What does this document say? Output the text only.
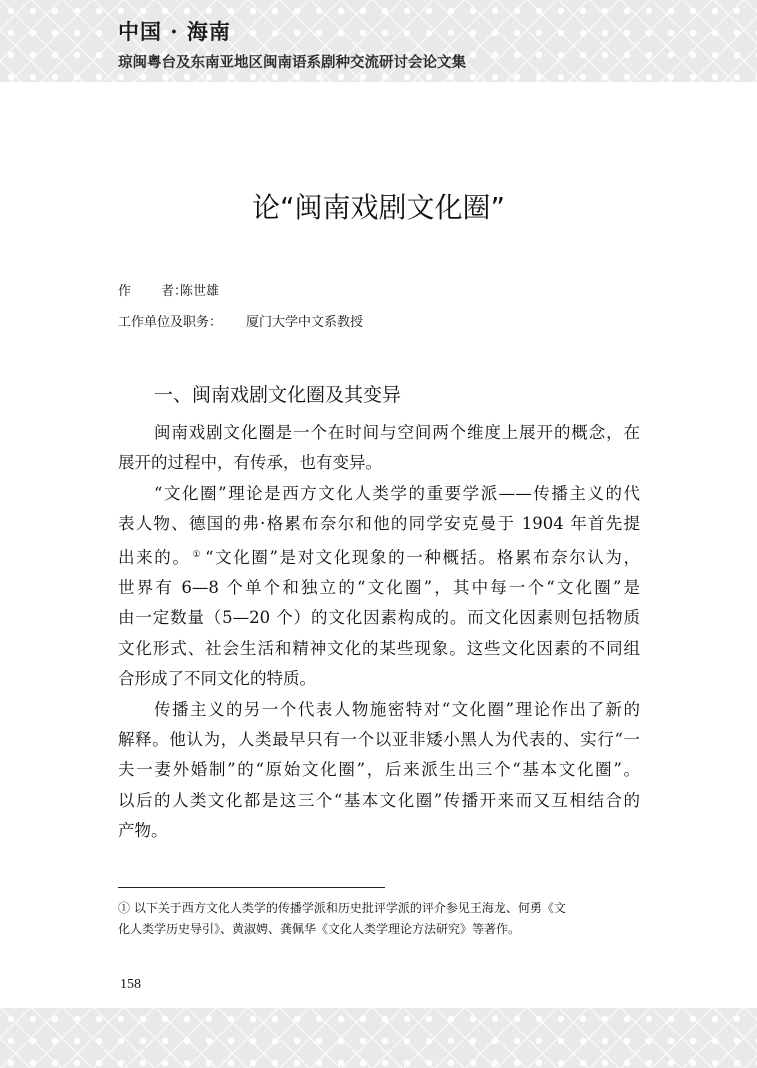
中国 · 海南
琼闽粤台及东南亚地区闽南语系剧种交流研讨会论文集
论“闽南戏剧文化圈”
作 者：陈世雄
工作单位及职务： 厦门大学中文系教授
一、闽南戏剧文化圈及其变异

闽南戏剧文化圈是一个在时间与空间两个维度上展开的概念，在
展开的过程中，有传承，也有变异。

“文化圈”理论是西方文化人类学的重要学派——传播主义的代
表人物、德国的弗·格累布奈尔和他的同学安克曼于 1904 年首先提
出来的。 ① “文化圈”是对文化现象的一种概括。格累布奈尔认为，
世界有 6—8 个单个和独立的“文化圈”，其中每一个“文化圈”是
由一定数量（5—20 个）的文化因素构成的。而文化因素则包括物质
文化形式、社会生活和精神文化的某些现象。这些文化因素的不同组
合形成了不同文化的特质。

传播主义的另一个代表人物施密特对“文化圈”理论作出了新的
解释。他认为，人类最早只有一个以亚非矮小黑人为代表的、实行“一
夫一妻外婚制”的“原始文化圈”，后来派生出三个“基本文化圈”。
以后的人类文化都是这三个“基本文化圈”传播开来而又互相结合的
产物。

① 以下关于西方文化人类学的传播学派和历史批评学派的评介参见王海龙、何勇《文
化人类学历史导引》、黄淑娉、龚佩华《文化人类学理论方法研究》等著作。
158
